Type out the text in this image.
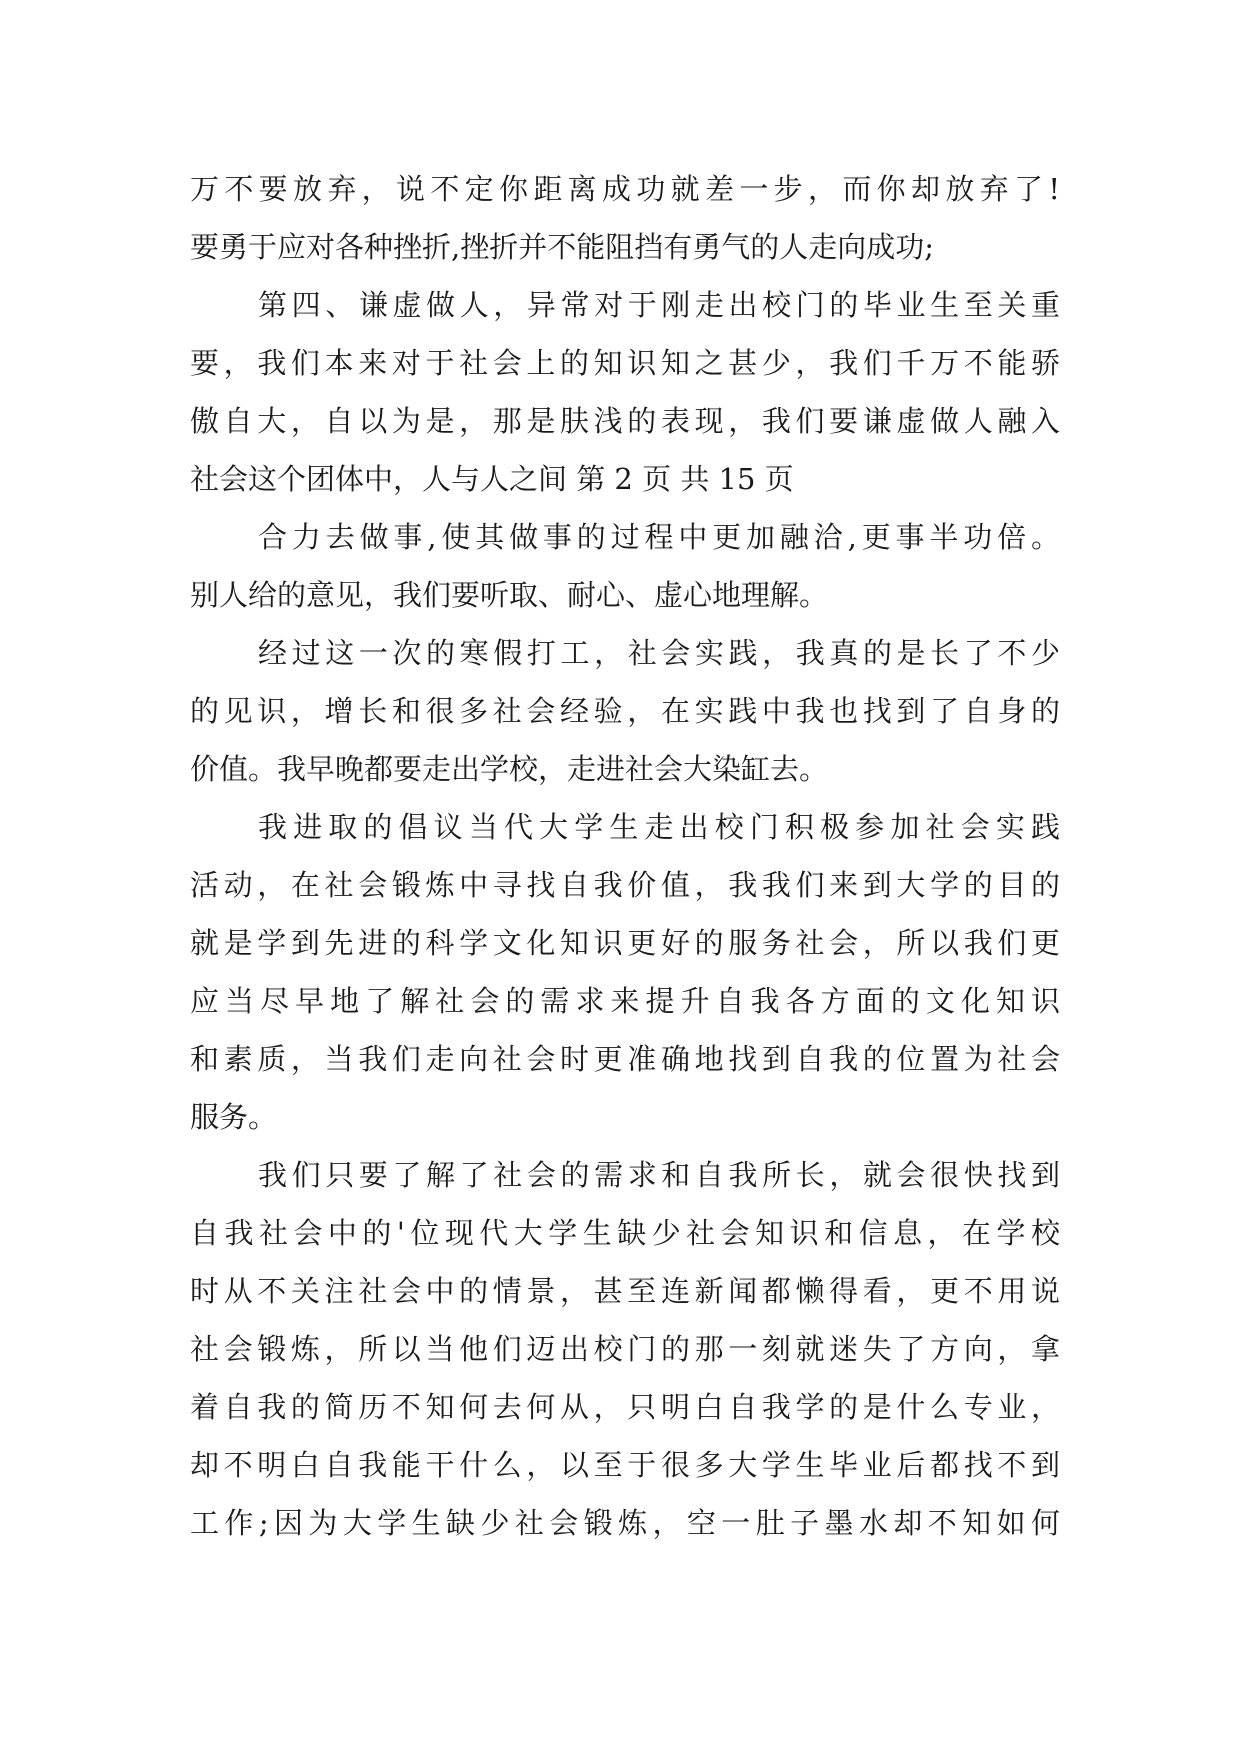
万不要放弃，说不定你距离成功就差一步，而你却放弃了!
要勇于应对各种挫折,挫折并不能阻挡有勇气的人走向成功;
第四、谦虚做人，异常对于刚走出校门的毕业生至关重
要，我们本来对于社会上的知识知之甚少，我们千万不能骄
傲自大，自以为是，那是肤浅的表现，我们要谦虚做人融入
社会这个团体中，人与人之间 第 2 页 共 15 页
合力去做事,使其做事的过程中更加融洽,更事半功倍。
别人给的意见，我们要听取、耐心、虚心地理解。
经过这一次的寒假打工，社会实践，我真的是长了不少
的见识，增长和很多社会经验，在实践中我也找到了自身的
价值。我早晚都要走出学校，走进社会大染缸去。
我进取的倡议当代大学生走出校门积极参加社会实践
活动，在社会锻炼中寻找自我价值，我我们来到大学的目的
就是学到先进的科学文化知识更好的服务社会，所以我们更
应当尽早地了解社会的需求来提升自我各方面的文化知识
和素质，当我们走向社会时更准确地找到自我的位置为社会
服务。
我们只要了解了社会的需求和自我所长，就会很快找到
自我社会中的'位现代大学生缺少社会知识和信息，在学校
时从不关注社会中的情景，甚至连新闻都懒得看，更不用说
社会锻炼，所以当他们迈出校门的那一刻就迷失了方向，拿
着自我的简历不知何去何从，只明白自我学的是什么专业，
却不明白自我能干什么，以至于很多大学生毕业后都找不到
工作;因为大学生缺少社会锻炼，空一肚子墨水却不知如何
